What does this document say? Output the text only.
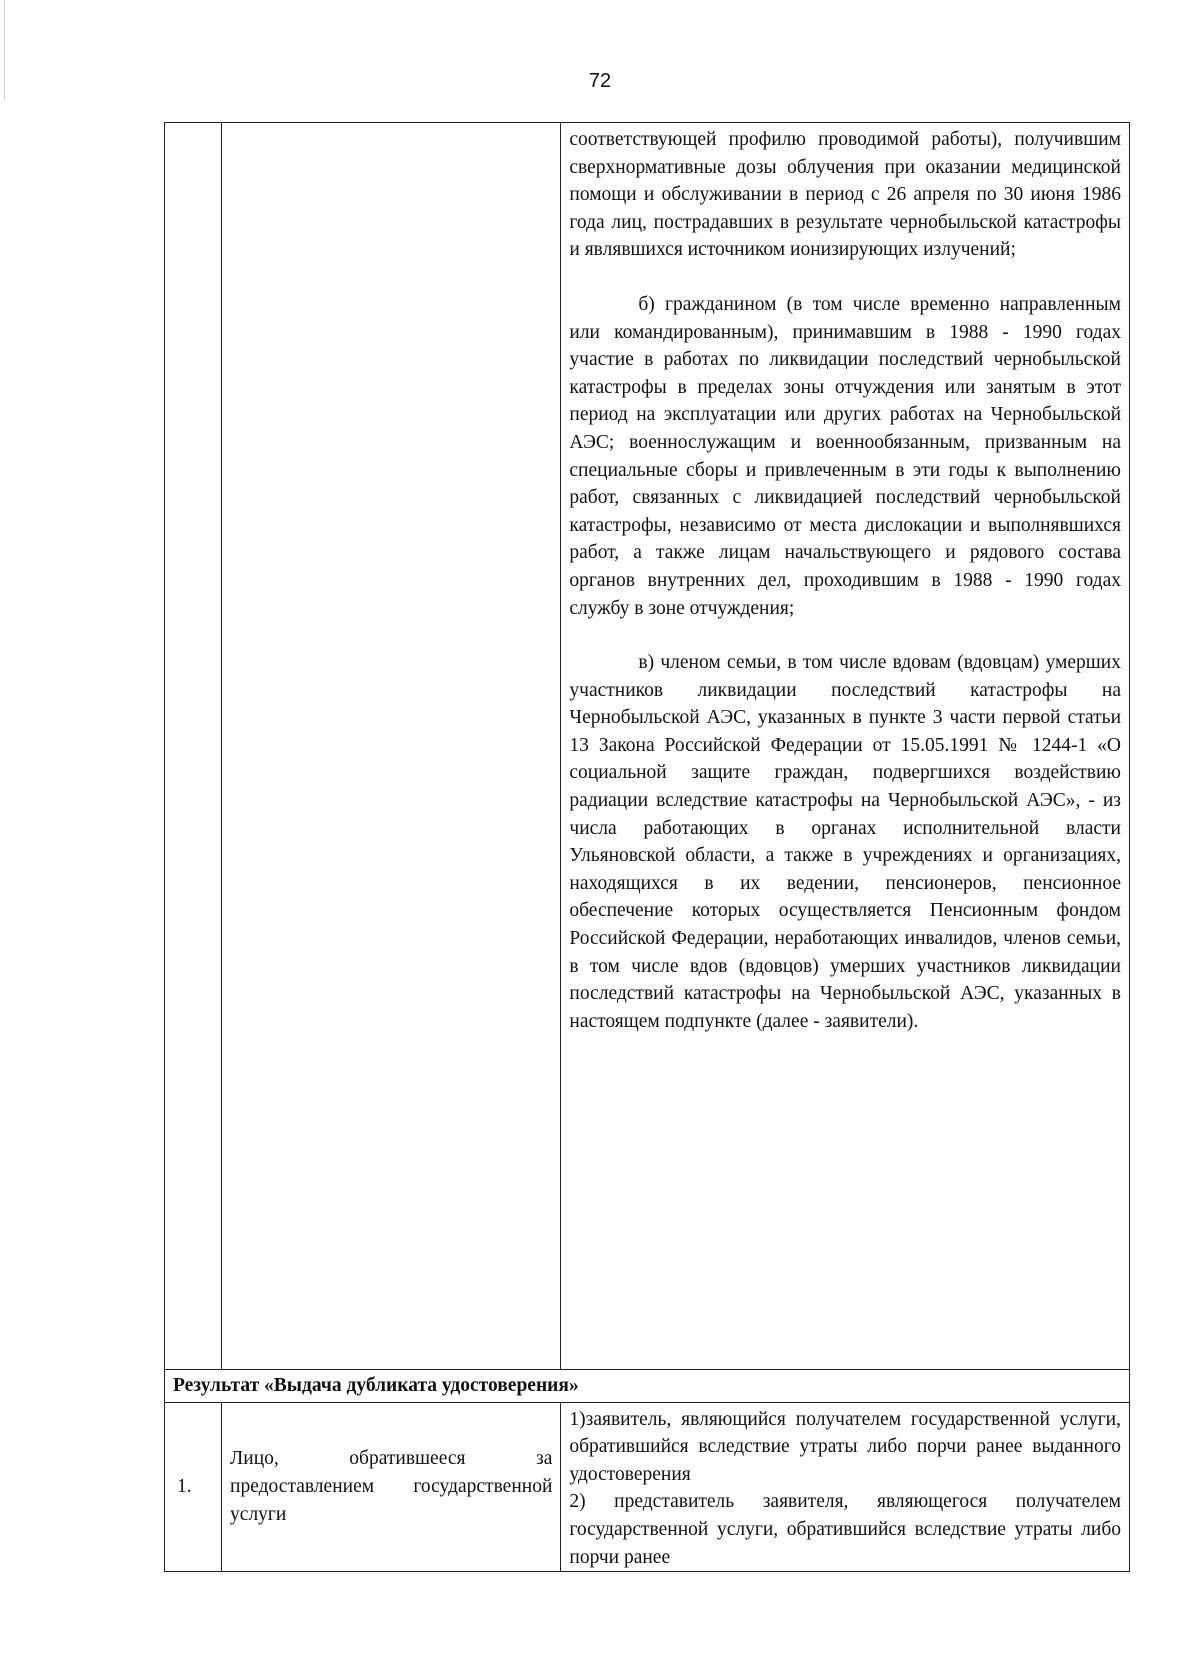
72

		соответствующей профилю проводимой работы), получившим сверхнормативные дозы облучения при оказании медицинской помощи и обслуживании в период с 26 апреля по 30 июня 1986 года лиц, пострадавших в результате чернобыльской катастрофы и являвшихся источником ионизирующих излучений;

б) гражданином (в том числе временно направленным или командированным), принимавшим в 1988 - 1990 годах участие в работах по ликвидации последствий чернобыльской катастрофы в пределах зоны отчуждения или занятым в этот период на эксплуатации или других работах на Чернобыльской АЭС; военнослужащим и военнообязанным, призванным на специальные сборы и привлеченным в эти годы к выполнению работ, связанных с ликвидацией последствий чернобыльской катастрофы, независимо от места дислокации и выполнявшихся работ, а также лицам начальствующего и рядового состава органов внутренних дел, проходившим в 1988 - 1990 годах службу в зоне отчуждения;

в) членом семьи, в том числе вдовам (вдовцам) умерших участников ликвидации последствий катастрофы на Чернобыльской АЭС, указанных в пункте 3 части первой статьи 13 Закона Российской Федерации от 15.05.1991 № 1244-1 «О социальной защите граждан, подвергшихся воздействию радиации вследствие катастрофы на Чернобыльской АЭС», - из числа работающих в органах исполнительной власти Ульяновской области, а также в учреждениях и организациях, находящихся в их ведении, пенсионеров, пенсионное обеспечение которых осуществляется Пенсионным фондом Российской Федерации, неработающих инвалидов, членов семьи, в том числе вдов (вдовцов) умерших участников ликвидации последствий катастрофы на Чернобыльской АЭС, указанных в настоящем подпункте (далее - заявители).

Результат «Выдача дубликата удостоверения»		
1.	Лицо, обратившееся за предоставлением государственной услуги	1)заявитель, являющийся получателем государственной услуги, обратившийся вследствие утраты либо порчи ранее выданного удостоверения

2) представитель заявителя, являющегося получателем государственной услуги, обратившийся вследствие утраты либо порчи ранее
